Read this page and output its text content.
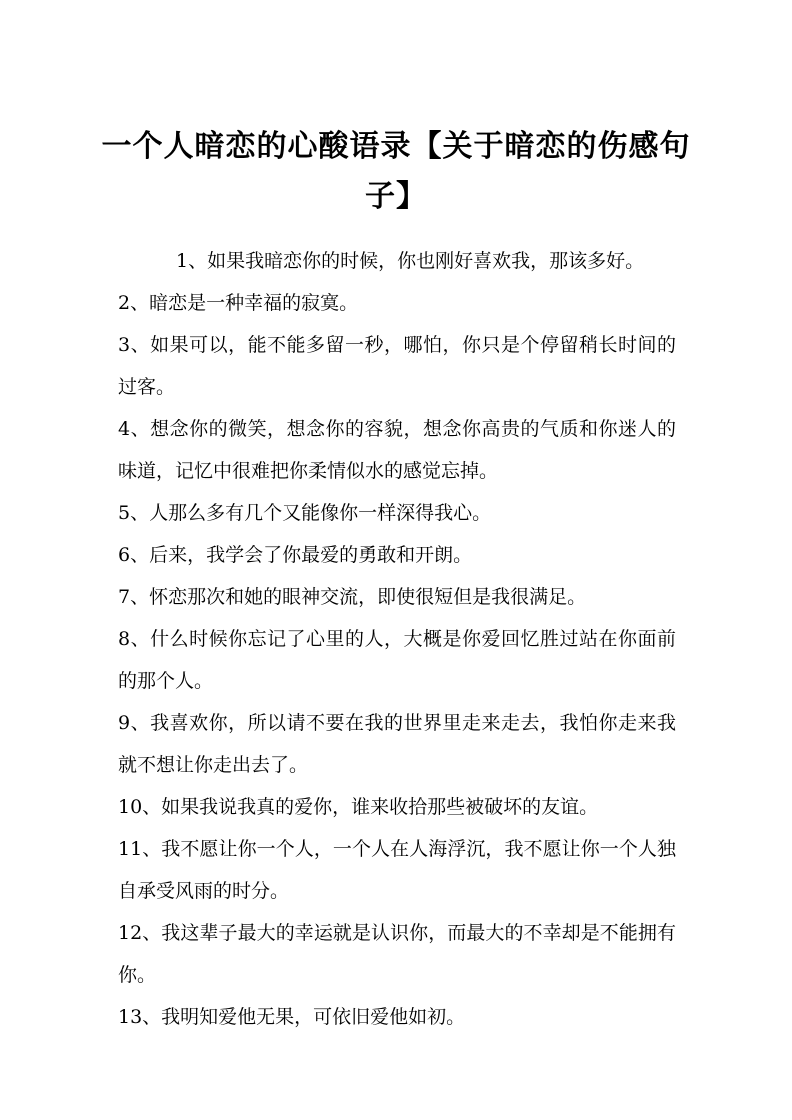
一个人暗恋的心酸语录【关于暗恋的伤感句子】

1、如果我暗恋你的时候，你也刚好喜欢我，那该多好。

2、暗恋是一种幸福的寂寞。

3、如果可以，能不能多留一秒，哪怕，你只是个停留稍长时间的过客。

4、想念你的微笑，想念你的容貌，想念你高贵的气质和你迷人的味道，记忆中很难把你柔情似水的感觉忘掉。

5、人那么多有几个又能像你一样深得我心。

6、后来，我学会了你最爱的勇敢和开朗。

7、怀恋那次和她的眼神交流，即使很短但是我很满足。

8、什么时候你忘记了心里的人，大概是你爱回忆胜过站在你面前的那个人。

9、我喜欢你，所以请不要在我的世界里走来走去，我怕你走来我就不想让你走出去了。

10、如果我说我真的爱你，谁来收拾那些被破坏的友谊。

11、我不愿让你一个人，一个人在人海浮沉，我不愿让你一个人独自承受风雨的时分。

12、我这辈子最大的幸运就是认识你，而最大的不幸却是不能拥有你。

13、我明知爱他无果，可依旧爱他如初。
